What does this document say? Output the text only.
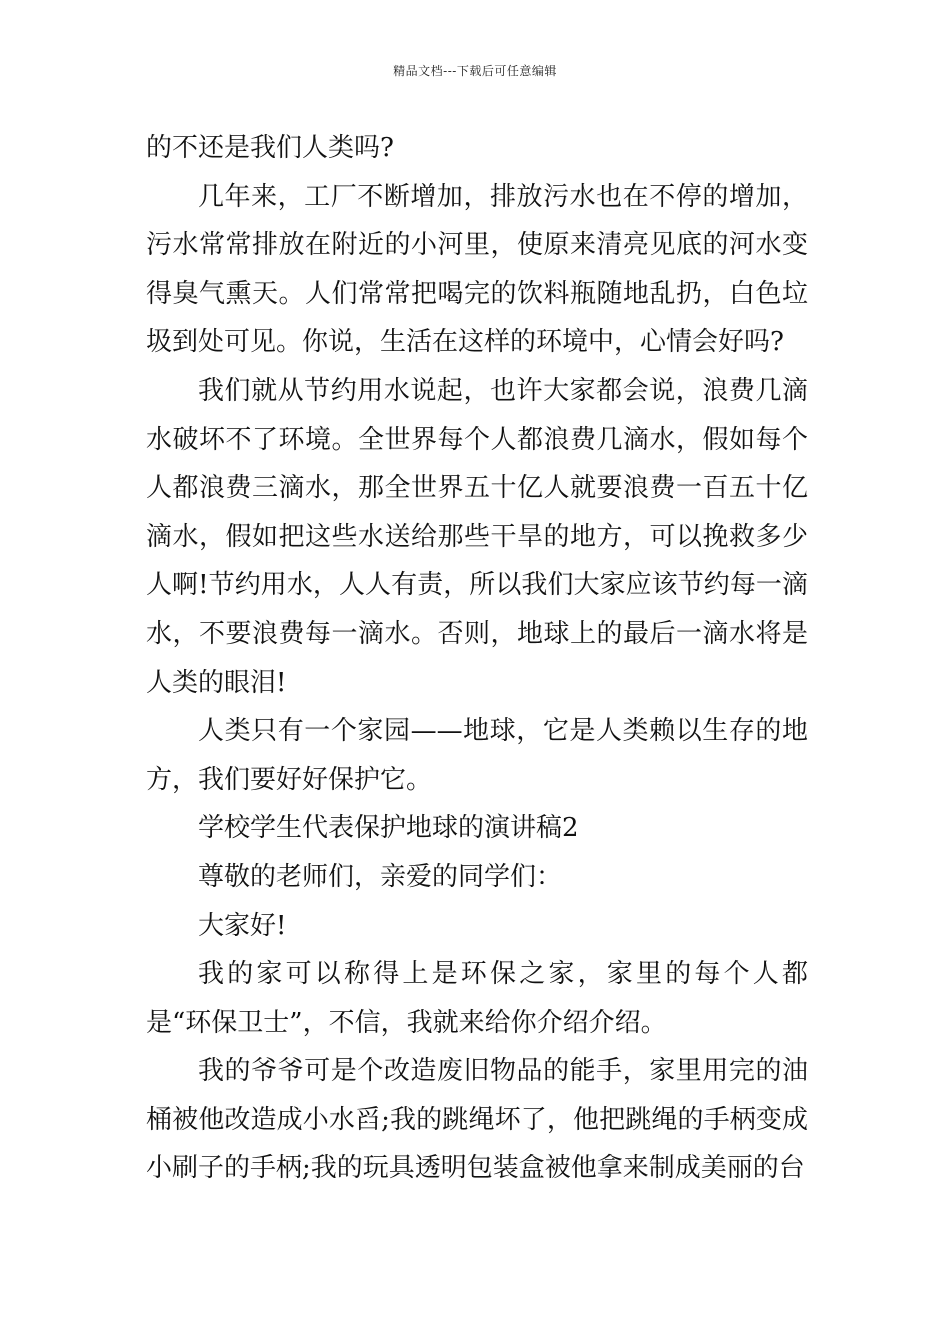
精品文档---下载后可任意编辑

的不还是我们人类吗?

几年来，工厂不断增加，排放污水也在不停的增加，污水常常排放在附近的小河里，使原来清亮见底的河水变得臭气熏天。人们常常把喝完的饮料瓶随地乱扔，白色垃圾到处可见。你说，生活在这样的环境中，心情会好吗?

我们就从节约用水说起，也许大家都会说，浪费几滴水破坏不了环境。全世界每个人都浪费几滴水，假如每个人都浪费三滴水，那全世界五十亿人就要浪费一百五十亿滴水，假如把这些水送给那些干旱的地方，可以挽救多少人啊!节约用水，人人有责，所以我们大家应该节约每一滴水，不要浪费每一滴水。否则，地球上的最后一滴水将是人类的眼泪!

人类只有一个家园——地球，它是人类赖以生存的地方，我们要好好保护它。

学校学生代表保护地球的演讲稿2

尊敬的老师们，亲爱的同学们：

大家好!

我的家可以称得上是环保之家，家里的每个人都是“环保卫士”，不信，我就来给你介绍介绍。

我的爷爷可是个改造废旧物品的能手，家里用完的油桶被他改造成小水舀;我的跳绳坏了，他把跳绳的手柄变成小刷子的手柄;我的玩具透明包装盒被他拿来制成美丽的台
